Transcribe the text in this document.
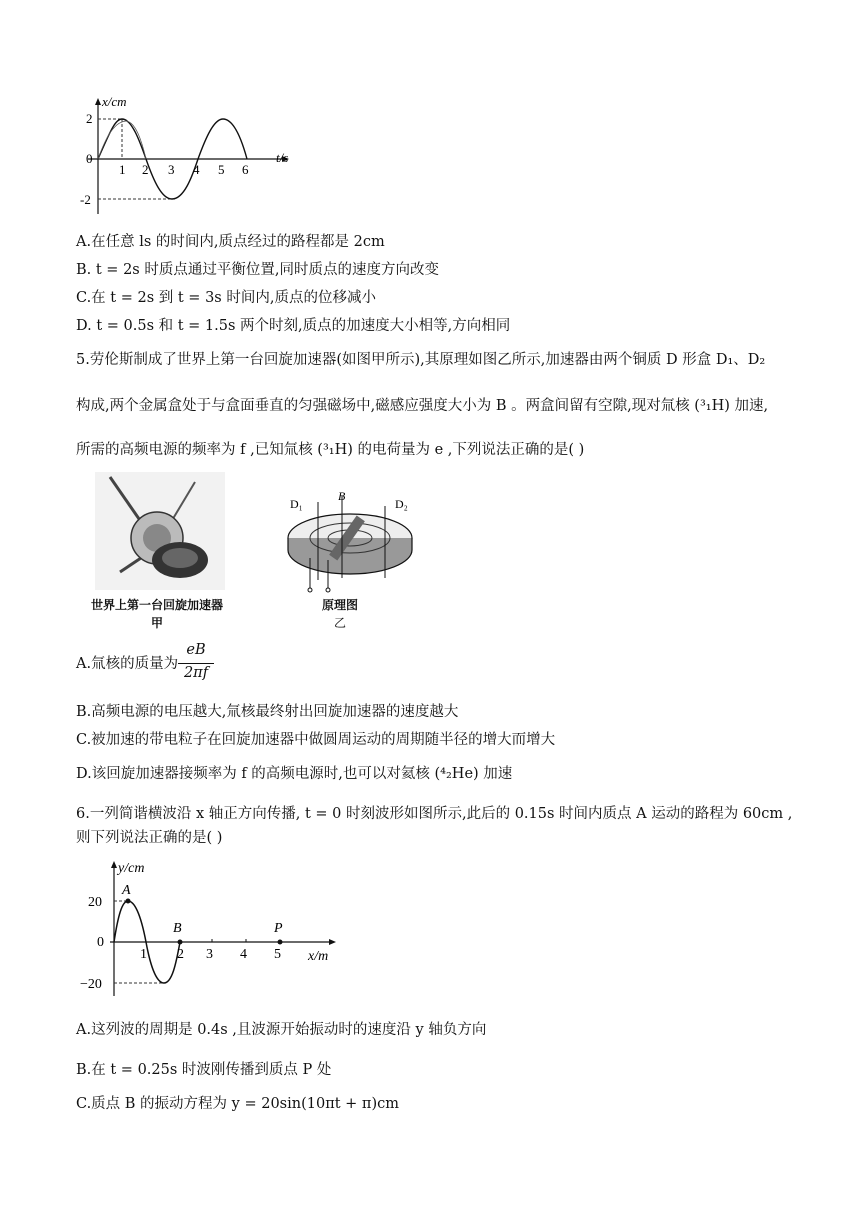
x/cm
t/s
2
0
-2
1 2 3 4 5 6
A.在任意 ls 的时间内,质点经过的路程都是 2cm
B. t = 2s 时质点通过平衡位置,同时质点的速度方向改变
C.在 t = 2s 到 t = 3s 时间内,质点的位移减小
D. t = 0.5s 和 t = 1.5s 两个时刻,质点的加速度大小相等,方向相同
5.劳伦斯制成了世界上第一台回旋加速器(如图甲所示),其原理如图乙所示,加速器由两个铜质 D 形盒 D₁、D₂
构成,两个金属盒处于与盒面垂直的匀强磁场中,磁感应强度大小为 B 。两盒间留有空隙,现对氚核 (³₁H) 加速,
所需的高频电源的频率为 f ,已知氚核 (³₁H) 的电荷量为 e ,下列说法正确的是( )
世界上第一台回旋加速器
甲
D₁	D₂
B
原理图
乙
A.氚核的质量为
eB
2πf
B.高频电源的电压越大,氚核最终射出回旋加速器的速度越大
C.被加速的带电粒子在回旋加速器中做圆周运动的周期随半径的增大而增大
D.该回旋加速器接频率为 f 的高频电源时,也可以对氦核 (⁴₂He) 加速
6.一列简谐横波沿 x 轴正方向传播, t = 0 时刻波形如图所示,此后的 0.15s 时间内质点 A 运动的路程为 60cm ,
则下列说法正确的是( )
y/cm
x/m
20
0
−20
A
B	P
1 2 3 4 5
A.这列波的周期是 0.4s ,且波源开始振动时的速度沿 y 轴负方向
B.在 t = 0.25s 时波刚传播到质点 P 处
C.质点 B 的振动方程为 y = 20sin(10πt + π)cm
